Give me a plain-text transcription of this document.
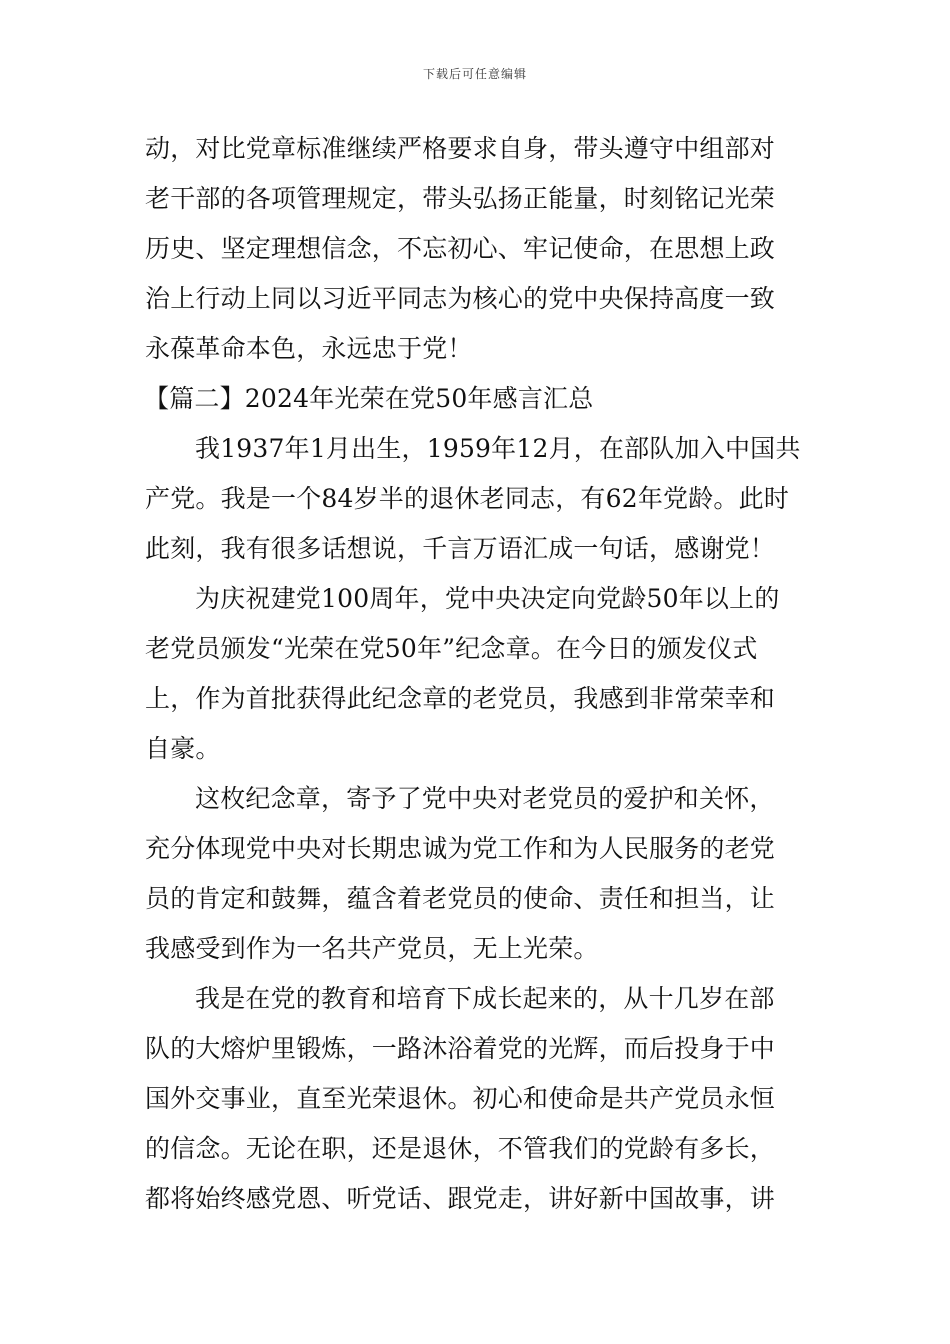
下载后可任意编辑
动，对比党章标准继续严格要求自身，带头遵守中组部对
老干部的各项管理规定，带头弘扬正能量，时刻铭记光荣
历史、坚定理想信念，不忘初心、牢记使命，在思想上政
治上行动上同以习近平同志为核心的党中央保持高度一致
永葆革命本色，永远忠于党！
【篇二】2024年光荣在党50年感言汇总
我1937年1月出生，1959年12月，在部队加入中国共
产党。我是一个84岁半的退休老同志，有62年党龄。此时
此刻，我有很多话想说，千言万语汇成一句话，感谢党！
为庆祝建党100周年，党中央决定向党龄50年以上的
老党员颁发“光荣在党50年”纪念章。在今日的颁发仪式
上，作为首批获得此纪念章的老党员，我感到非常荣幸和
自豪。
这枚纪念章，寄予了党中央对老党员的爱护和关怀，
充分体现党中央对长期忠诚为党工作和为人民服务的老党
员的肯定和鼓舞，蕴含着老党员的使命、责任和担当，让
我感受到作为一名共产党员，无上光荣。
我是在党的教育和培育下成长起来的，从十几岁在部
队的大熔炉里锻炼，一路沐浴着党的光辉，而后投身于中
国外交事业，直至光荣退休。初心和使命是共产党员永恒
的信念。无论在职，还是退休，不管我们的党龄有多长，
都将始终感党恩、听党话、跟党走，讲好新中国故事，讲
